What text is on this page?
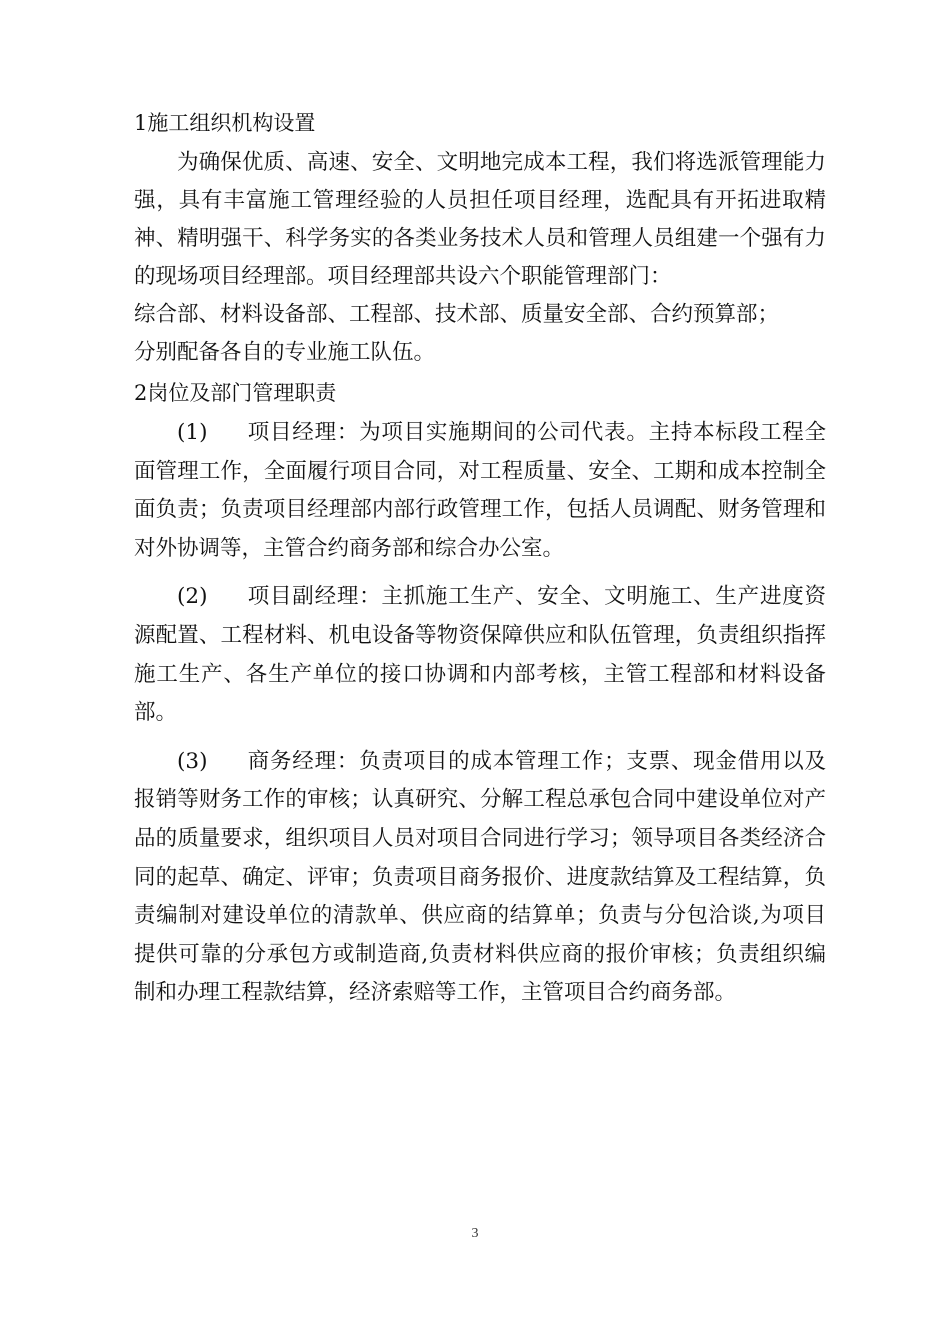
1施工组织机构设置

为确保优质、高速、安全、文明地完成本工程，我们将选派管理能力强，具有丰富施工管理经验的人员担任项目经理，选配具有开拓进取精神、精明强干、科学务实的各类业务技术人员和管理人员组建一个强有力的现场项目经理部。项目经理部共设六个职能管理部门：

综合部、材料设备部、工程部、技术部、质量安全部、合约预算部；

分别配备各自的专业施工队伍。

2岗位及部门管理职责

(1) 项目经理：为项目实施期间的公司代表。主持本标段工程全面管理工作，全面履行项目合同，对工程质量、安全、工期和成本控制全面负责；负责项目经理部内部行政管理工作，包括人员调配、财务管理和对外协调等，主管合约商务部和综合办公室。

(2) 项目副经理：主抓施工生产、安全、文明施工、生产进度资源配置、工程材料、机电设备等物资保障供应和队伍管理，负责组织指挥施工生产、各生产单位的接口协调和内部考核，主管工程部和材料设备部。

(3) 商务经理：负责项目的成本管理工作；支票、现金借用以及报销等财务工作的审核；认真研究、分解工程总承包合同中建设单位对产品的质量要求，组织项目人员对项目合同进行学习；领导项目各类经济合同的起草、确定、评审；负责项目商务报价、进度款结算及工程结算，负责编制对建设单位的清款单、供应商的结算单；负责与分包洽谈,为项目提供可靠的分承包方或制造商,负责材料供应商的报价审核；负责组织编制和办理工程款结算，经济索赔等工作，主管项目合约商务部。

3
